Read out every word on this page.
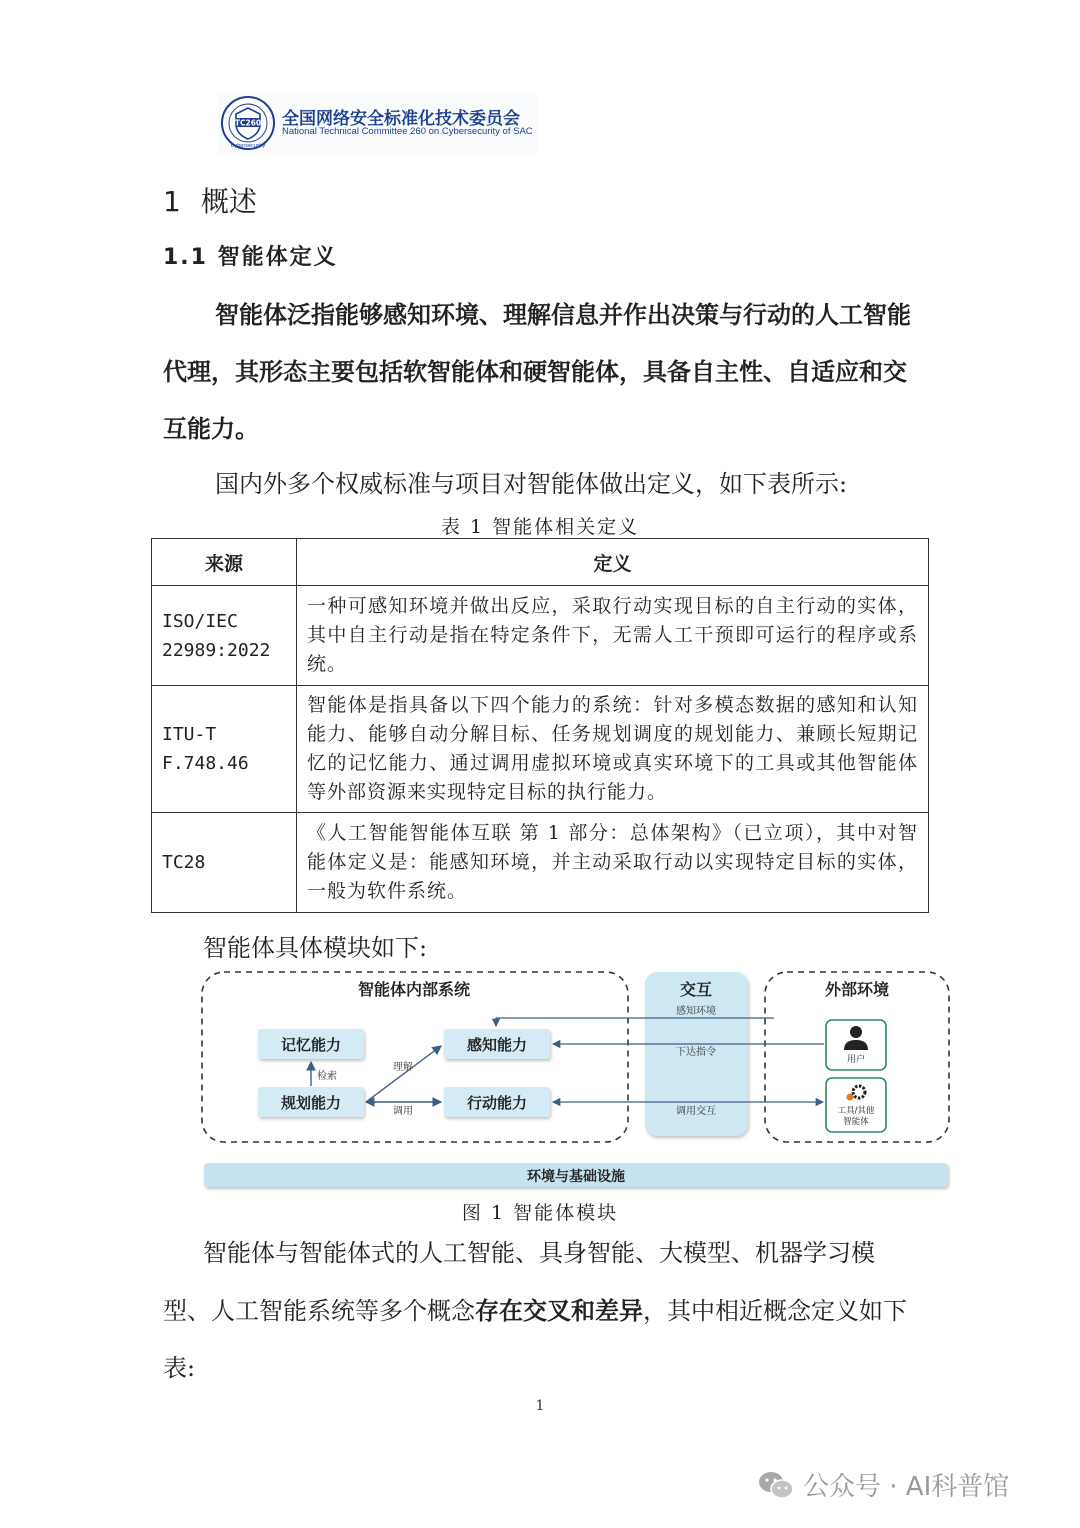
TC260
Cybersecurity
全国网络安全标准化技术委员会
National Technical Committee 260 on Cybersecurity of SAC
1 概述
1.1 智能体定义
智能体泛指能够感知环境、理解信息并作出决策与行动的人工智能代理，其形态主要包括软智能体和硬智能体，具备自主性、自适应和交互能力。
国内外多个权威标准与项目对智能体做出定义，如下表所示:
表 1 智能体相关定义
来源	定义
ISO/IEC 22989:2022	一种可感知环境并做出反应，采取行动实现目标的自主行动的实体，其中自主行动是指在特定条件下，无需人工干预即可运行的程序或系统。
ITU-T F.748.46	智能体是指具备以下四个能力的系统：针对多模态数据的感知和认知能力、能够自动分解目标、任务规划调度的规划能力、兼顾长短期记忆的记忆能力、通过调用虚拟环境或真实环境下的工具或其他智能体等外部资源来实现特定目标的执行能力。
TC28	《人工智能智能体互联 第 1 部分：总体架构》（已立项），其中对智能体定义是：能感知环境，并主动采取行动以实现特定目标的实体，一般为软件系统。
智能体具体模块如下:
智能体内部系统	交互	外部环境
记忆能力	感知能力
规划能力	行动能力
检索
理解
调用
感知环境
下达指令
调用交互
用户
工具/其他
智能体
环境与基础设施
图 1 智能体模块
智能体与智能体式的人工智能、具身智能、大模型、机器学习模型、人工智能系统等多个概念存在交叉和差异，其中相近概念定义如下表:
1
公众号 · AI科普馆
